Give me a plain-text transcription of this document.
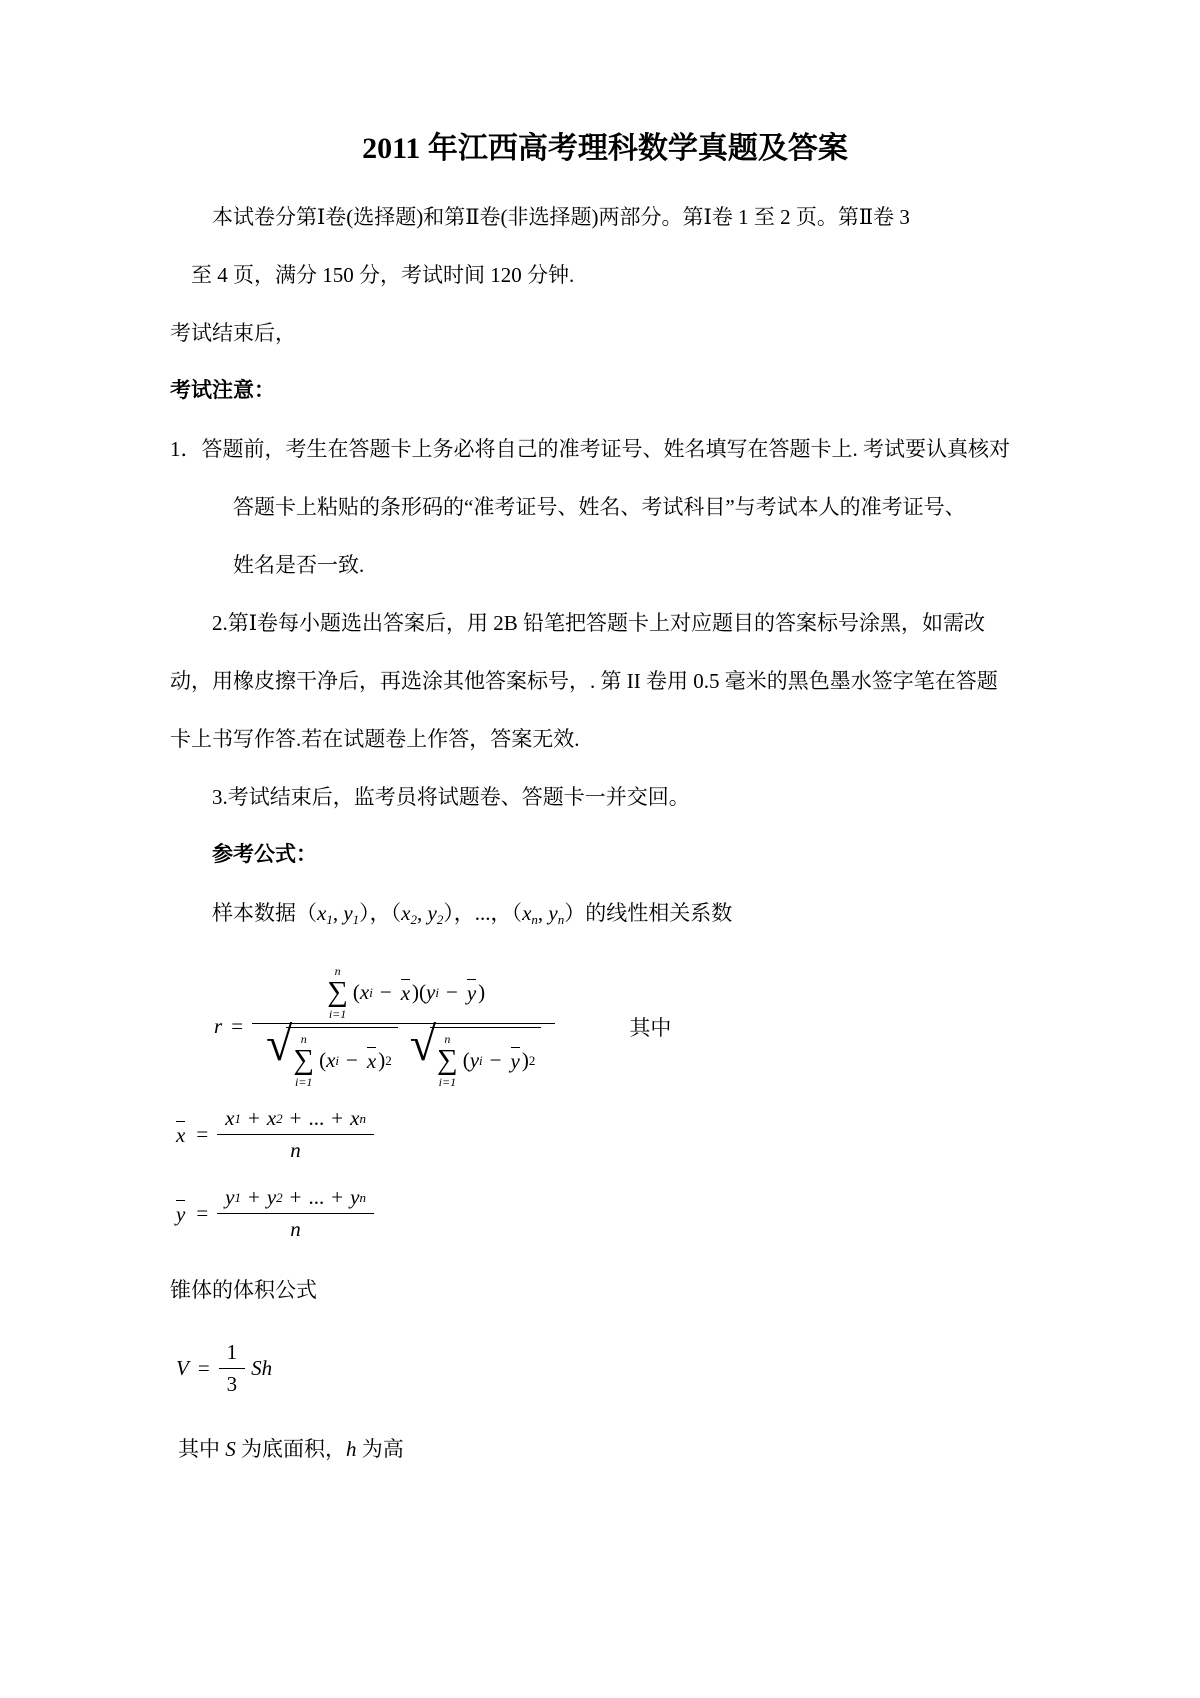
2011 年江西高考理科数学真题及答案
本试卷分第Ⅰ卷(选择题)和第Ⅱ卷(非选择题)两部分。第Ⅰ卷 1 至 2 页。第Ⅱ卷 3
至 4 页，满分 150 分，考试时间 120 分钟.
考试结束后，
考试注意：
1．答题前，考生在答题卡上务必将自己的准考证号、姓名填写在答题卡上. 考试要认真核对
答题卡上粘贴的条形码的“准考证号、姓名、考试科目”与考试本人的准考证号、
姓名是否一致.
2.第Ⅰ卷每小题选出答案后，用 2B 铅笔把答题卡上对应题目的答案标号涂黑，如需改
动，用橡皮擦干净后，再选涂其他答案标号，. 第 II 卷用 0.5 毫米的黑色墨水签字笔在答题
卡上书写作答.若在试题卷上作答，答案无效.
3.考试结束后，监考员将试题卷、答题卡一并交回。
参考公式：
样本数据（$x_1$, $y_1$），（$x_2$, $y_2$），...，（$x_n$, $y_n$）的线性相关系数
r =
n
∑
i=1
( x i − x ) ( y i − y )
√ n
∑
i=1
( x i − x ) 2 √ n
∑
i=1
( y i − y ) 2
其中
$x = \frac{\text{x 1 + x 2 + ... + x n}}{n}$
$y = \frac{\text{y 1 + y 2 + ... + y n}}{n}$
锥体的体积公式
$V = \frac{1}{3}$ S h
其中 S 为底面积，h 为高
